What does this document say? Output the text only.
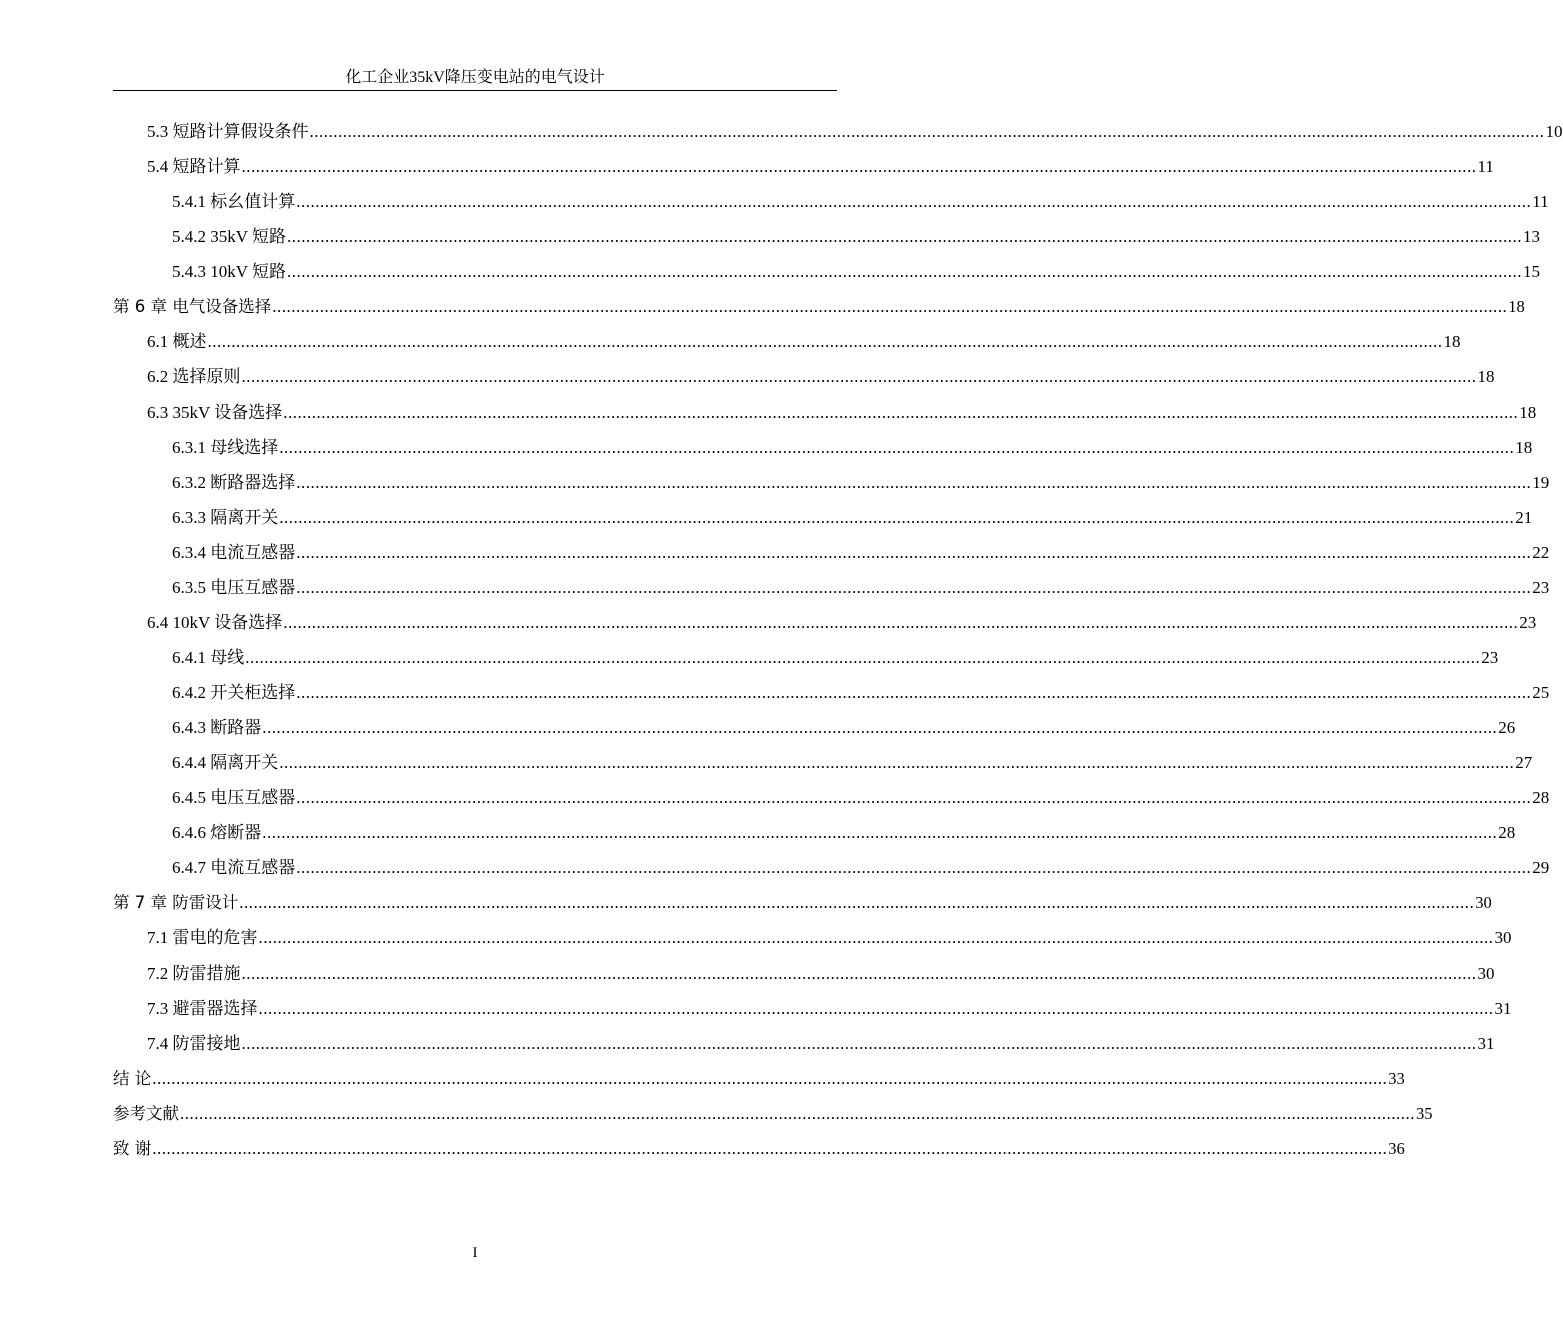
化工企业35kV降压变电站的电气设计
5.3 短路计算假设条件 .................................................................................................................................................................................................................................................................... 10
5.4 短路计算 .................................................................................................................................................................................................................................................................... 11
5.4.1 标幺值计算 .................................................................................................................................................................................................................................................................... 11
5.4.2 35kV 短路 .................................................................................................................................................................................................................................................................... 13
5.4.3 10kV 短路 .................................................................................................................................................................................................................................................................... 15
第 6 章 电气设备选择 .................................................................................................................................................................................................................................................................... 18
6.1 概述 .................................................................................................................................................................................................................................................................... 18
6.2 选择原则 .................................................................................................................................................................................................................................................................... 18
6.3 35kV 设备选择 .................................................................................................................................................................................................................................................................... 18
6.3.1 母线选择 .................................................................................................................................................................................................................................................................... 18
6.3.2 断路器选择 .................................................................................................................................................................................................................................................................... 19
6.3.3 隔离开关 .................................................................................................................................................................................................................................................................... 21
6.3.4 电流互感器 .................................................................................................................................................................................................................................................................... 22
6.3.5 电压互感器 .................................................................................................................................................................................................................................................................... 23
6.4 10kV 设备选择 .................................................................................................................................................................................................................................................................... 23
6.4.1 母线 .................................................................................................................................................................................................................................................................... 23
6.4.2 开关柜选择 .................................................................................................................................................................................................................................................................... 25
6.4.3 断路器 .................................................................................................................................................................................................................................................................... 26
6.4.4 隔离开关 .................................................................................................................................................................................................................................................................... 27
6.4.5 电压互感器 .................................................................................................................................................................................................................................................................... 28
6.4.6 熔断器 .................................................................................................................................................................................................................................................................... 28
6.4.7 电流互感器 .................................................................................................................................................................................................................................................................... 29
第 7 章 防雷设计 .................................................................................................................................................................................................................................................................... 30
7.1 雷电的危害 .................................................................................................................................................................................................................................................................... 30
7.2 防雷措施 .................................................................................................................................................................................................................................................................... 30
7.3 避雷器选择 .................................................................................................................................................................................................................................................................... 31
7.4 防雷接地 .................................................................................................................................................................................................................................................................... 31
结 论 .................................................................................................................................................................................................................................................................... 33
参考文献 .................................................................................................................................................................................................................................................................... 35
致 谢 .................................................................................................................................................................................................................................................................... 36
I
